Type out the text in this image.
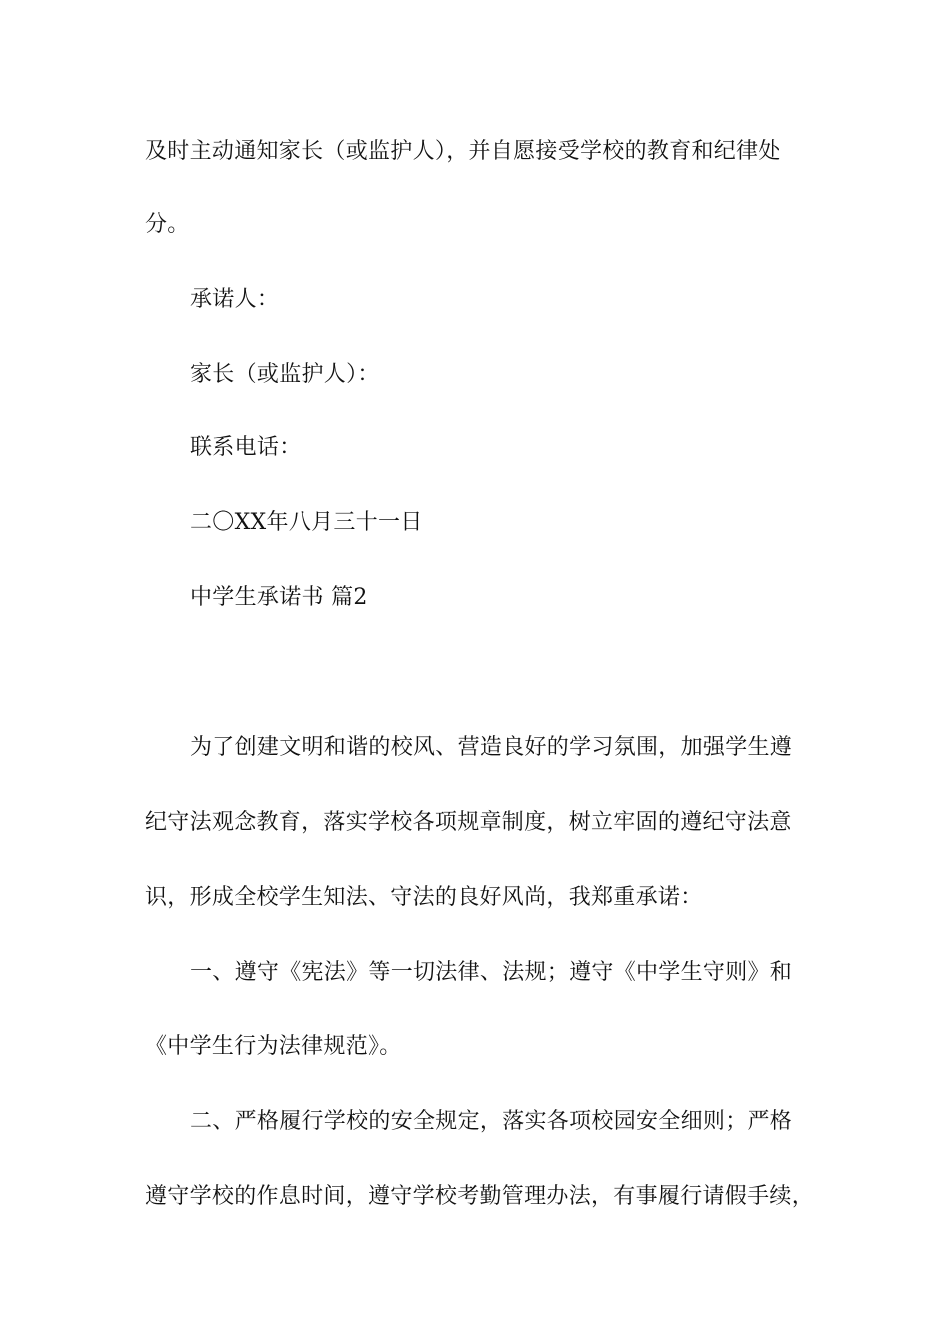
及时主动通知家长（或监护人），并自愿接受学校的教育和纪律处
分。
承诺人：
家长（或监护人）：
联系电话：
二〇XX年八月三十一日
中学生承诺书 篇2
为了创建文明和谐的校风、营造良好的学习氛围，加强学生遵
纪守法观念教育，落实学校各项规章制度，树立牢固的遵纪守法意
识，形成全校学生知法、守法的良好风尚，我郑重承诺：
一、遵守《宪法》等一切法律、法规；遵守《中学生守则》和
《中学生行为法律规范》。
二、严格履行学校的安全规定，落实各项校园安全细则；严格
遵守学校的作息时间，遵守学校考勤管理办法，有事履行请假手续，
